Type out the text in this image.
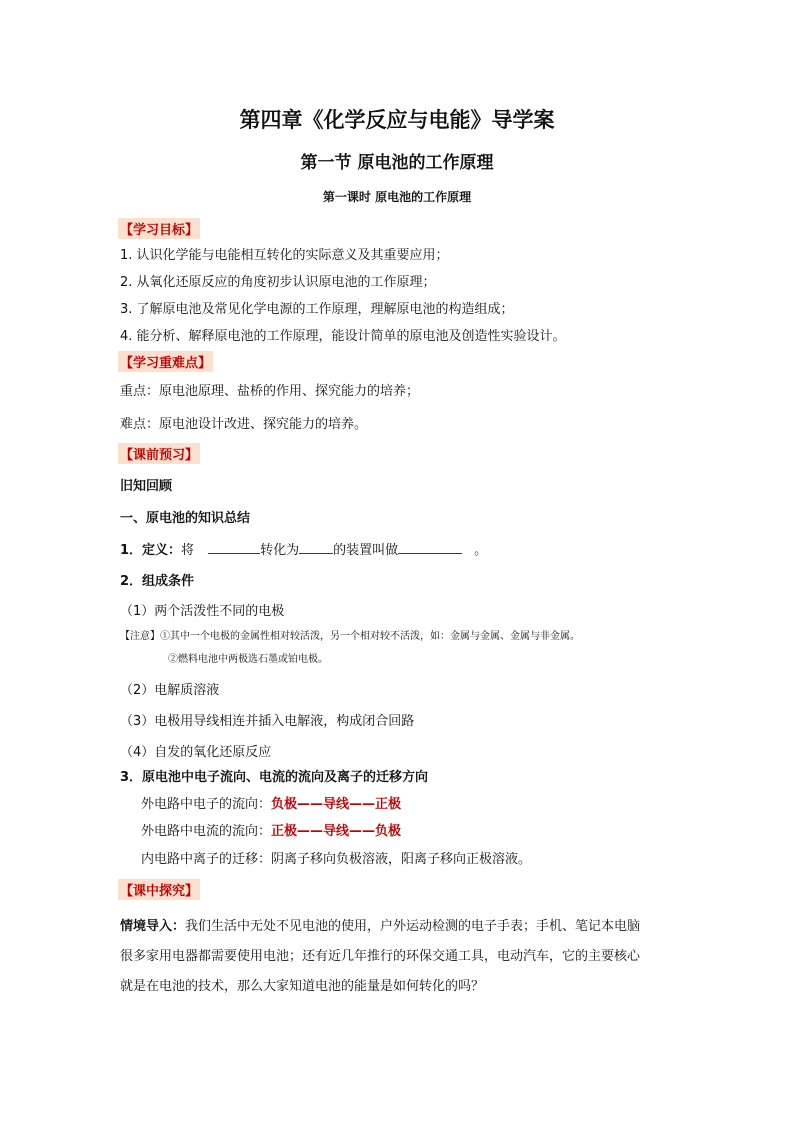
第四章《化学反应与电能》导学案
第一节 原电池的工作原理
第一课时 原电池的工作原理
【学习目标】
1. 认识化学能与电能相互转化的实际意义及其重要应用；
2. 从氧化还原反应的角度初步认识原电池的工作原理；
3. 了解原电池及常见化学电源的工作原理，理解原电池的构造组成；
4. 能分析、解释原电池的工作原理，能设计简单的原电池及创造性实验设计。
【学习重难点】
重点：原电池原理、盐桥的作用、探究能力的培养；
难点：原电池设计改进、探究能力的培养。
【课前预习】
旧知回顾
一、原电池的知识总结
1．定义：将	转化为	的装置叫做	。
2．组成条件
（1）两个活泼性不同的电极
【注意】①其中一个电极的金属性相对较活泼，另一个相对较不活泼，如：金属与金属、金属与非金属。
②燃料电池中两极选石墨或铂电极。
（2）电解质溶液
（3）电极用导线相连并插入电解液，构成闭合回路
（4）自发的氧化还原反应
3．原电池中电子流向、电流的流向及离子的迁移方向
外电路中电子的流向：负极——导线——正极
外电路中电流的流向：正极——导线——负极
内电路中离子的迁移：阴离子移向负极溶液，阳离子移向正极溶液。
【课中探究】
情境导入：我们生活中无处不见电池的使用，户外运动检测的电子手表；手机、笔记本电脑
很多家用电器都需要使用电池；还有近几年推行的环保交通工具，电动汽车，它的主要核心
就是在电池的技术，那么大家知道电池的能量是如何转化的吗？
